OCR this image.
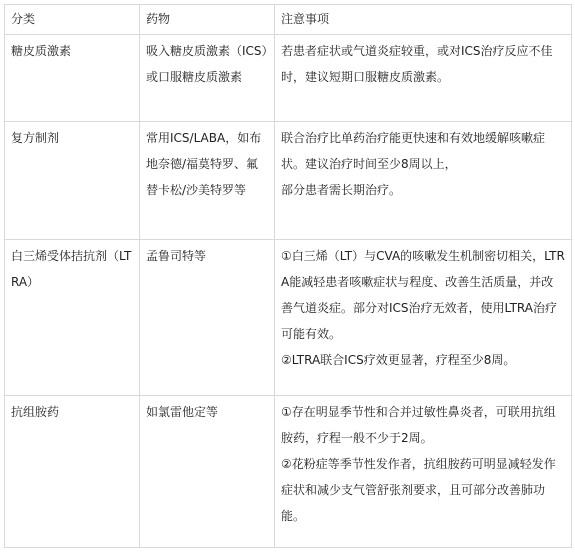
分类	药物	注意事项
糖皮质激素	吸入糖皮质激素（ICS）或口服糖皮质激素	若患者症状或气道炎症较重，或对ICS治疗反应不佳时，建议短期口服糖皮质激素。

复方制剂	常用ICS/LABA，如布地奈德/福莫特罗、氟替卡松/沙美特罗等	联合治疗比单药治疗能更快速和有效地缓解咳嗽症状。建议治疗时间至少8周以上，
部分患者需长期治疗。

白三烯受体拮抗剂（LTRA）	孟鲁司特等	①白三烯（LT）与CVA的咳嗽发生机制密切相关，LTRA能减轻患者咳嗽症状与程度、改善生活质量，并改善气道炎症。部分对ICS治疗无效者，使用LTRA治疗可能有效。
②LTRA联合ICS疗效更显著，疗程至少8周。

抗组胺药	如氯雷他定等	①存在明显季节性和合并过敏性鼻炎者，可联用抗组胺药，疗程一般不少于2周。
②花粉症等季节性发作者，抗组胺药可明显减轻发作症状和减少支气管舒张剂要求，且可部分改善肺功能。
